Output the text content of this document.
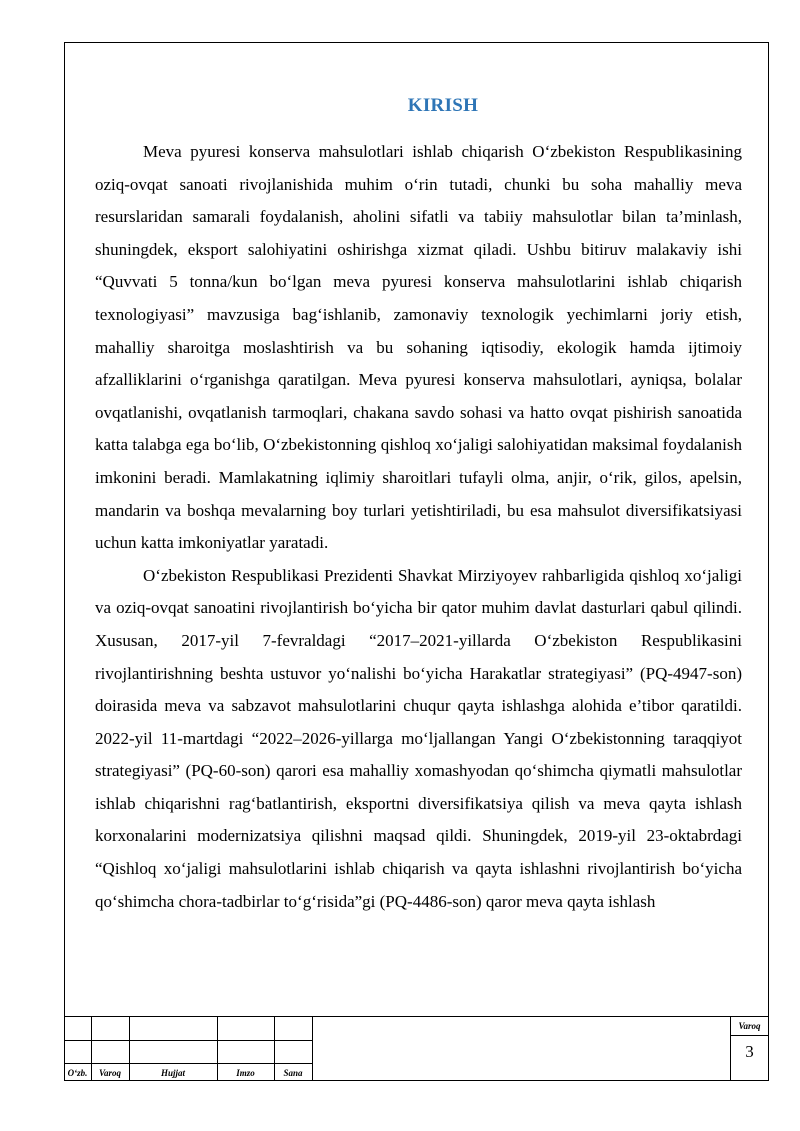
KIRISH

Meva pyuresi konserva mahsulotlari ishlab chiqarish O‘zbekiston Respublikasining oziq-ovqat sanoati rivojlanishida muhim o‘rin tutadi, chunki bu soha mahalliy meva resurslaridan samarali foydalanish, aholini sifatli va tabiiy mahsulotlar bilan ta’minlash, shuningdek, eksport salohiyatini oshirishga xizmat qiladi. Ushbu bitiruv malakaviy ishi “Quvvati 5 tonna/kun bo‘lgan meva pyuresi konserva mahsulotlarini ishlab chiqarish texnologiyasi” mavzusiga bag‘ishlanib, zamonaviy texnologik yechimlarni joriy etish, mahalliy sharoitga moslashtirish va bu sohaning iqtisodiy, ekologik hamda ijtimoiy afzalliklarini o‘rganishga qaratilgan. Meva pyuresi konserva mahsulotlari, ayniqsa, bolalar ovqatlanishi, ovqatlanish tarmoqlari, chakana savdo sohasi va hatto ovqat pishirish sanoatida katta talabga ega bo‘lib, O‘zbekistonning qishloq xo‘jaligi salohiyatidan maksimal foydalanish imkonini beradi. Mamlakatning iqlimiy sharoitlari tufayli olma, anjir, o‘rik, gilos, apelsin, mandarin va boshqa mevalarning boy turlari yetishtiriladi, bu esa mahsulot diversifikatsiyasi uchun katta imkoniyatlar yaratadi.

O‘zbekiston Respublikasi Prezidenti Shavkat Mirziyoyev rahbarligida qishloq xo‘jaligi va oziq-ovqat sanoatini rivojlantirish bo‘yicha bir qator muhim davlat dasturlari qabul qilindi. Xususan, 2017-yil 7-fevraldagi “2017–2021-yillarda O‘zbekiston Respublikasini rivojlantirishning beshta ustuvor yo‘nalishi bo‘yicha Harakatlar strategiyasi” (PQ-4947-son) doirasida meva va sabzavot mahsulotlarini chuqur qayta ishlashga alohida e’tibor qaratildi. 2022-yil 11-martdagi “2022–2026-yillarga mo‘ljallangan Yangi O‘zbekistonning taraqqiyot strategiyasi” (PQ-60-son) qarori esa mahalliy xomashyodan qo‘shimcha qiymatli mahsulotlar ishlab chiqarishni rag‘batlantirish, eksportni diversifikatsiya qilish va meva qayta ishlash korxonalarini modernizatsiya qilishni maqsad qildi. Shuningdek, 2019-yil 23-oktabrdagi “Qishloq xo‘jaligi mahsulotlarini ishlab chiqarish va qayta ishlashni rivojlantirish bo‘yicha qo‘shimcha chora-tadbirlar to‘g‘risida”gi (PQ-4486-son) qaror meva qayta ishlash

O‘zb.	Varoq	Hujjat	Imzo	Sana
Varoq
3
